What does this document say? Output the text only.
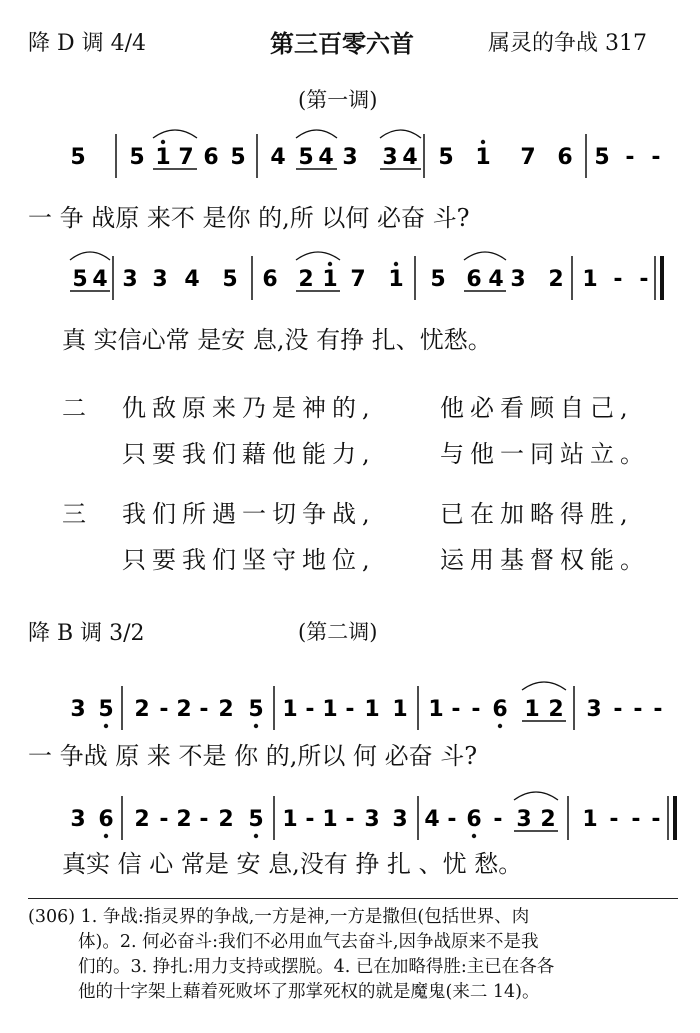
降 D 调 4/4	第三百零六首	属灵的争战 317
(第一调)
5 5 1 7 6 5 4 5 4 3 3 4 5 1 7 6 5 - -
一 争 战原 来不 是你 的,所 以何 必奋 斗?
5 4 3 3 4 5 6 2 1 7 1 5 6 4 3 2 1 - -
真 实信心常 是安 息,没 有挣 扎、忧愁。
二 仇敌原来乃是神的,	他必看顾自己,
只要我们藉他能力,	与他一同站立。
三 我们所遇一切争战,	已在加略得胜,
只要我们坚守地位,	运用基督权能。
降 B 调 3/2	(第二调)
3 5 2 - 2 - 2 5 1 - 1 - 1 1 1 - - 6 1 2 3 - - -
一 争战 原 来 不是 你 的,所以 何 必奋 斗?
3 6 2 - 2 - 2 5 1 - 1 - 3 3 4 - 6 - 3 2 1 - - -
真实 信 心 常是 安 息,没有 挣 扎 、忧 愁。
(306) 1. 争战:指灵界的争战,一方是神,一方是撒但(包括世界、肉
体)。2. 何必奋斗:我们不必用血气去奋斗,因争战原来不是我
们的。3. 挣扎:用力支持或摆脱。4. 已在加略得胜:主已在各各
他的十字架上藉着死败坏了那掌死权的就是魔鬼(来二 14)。
